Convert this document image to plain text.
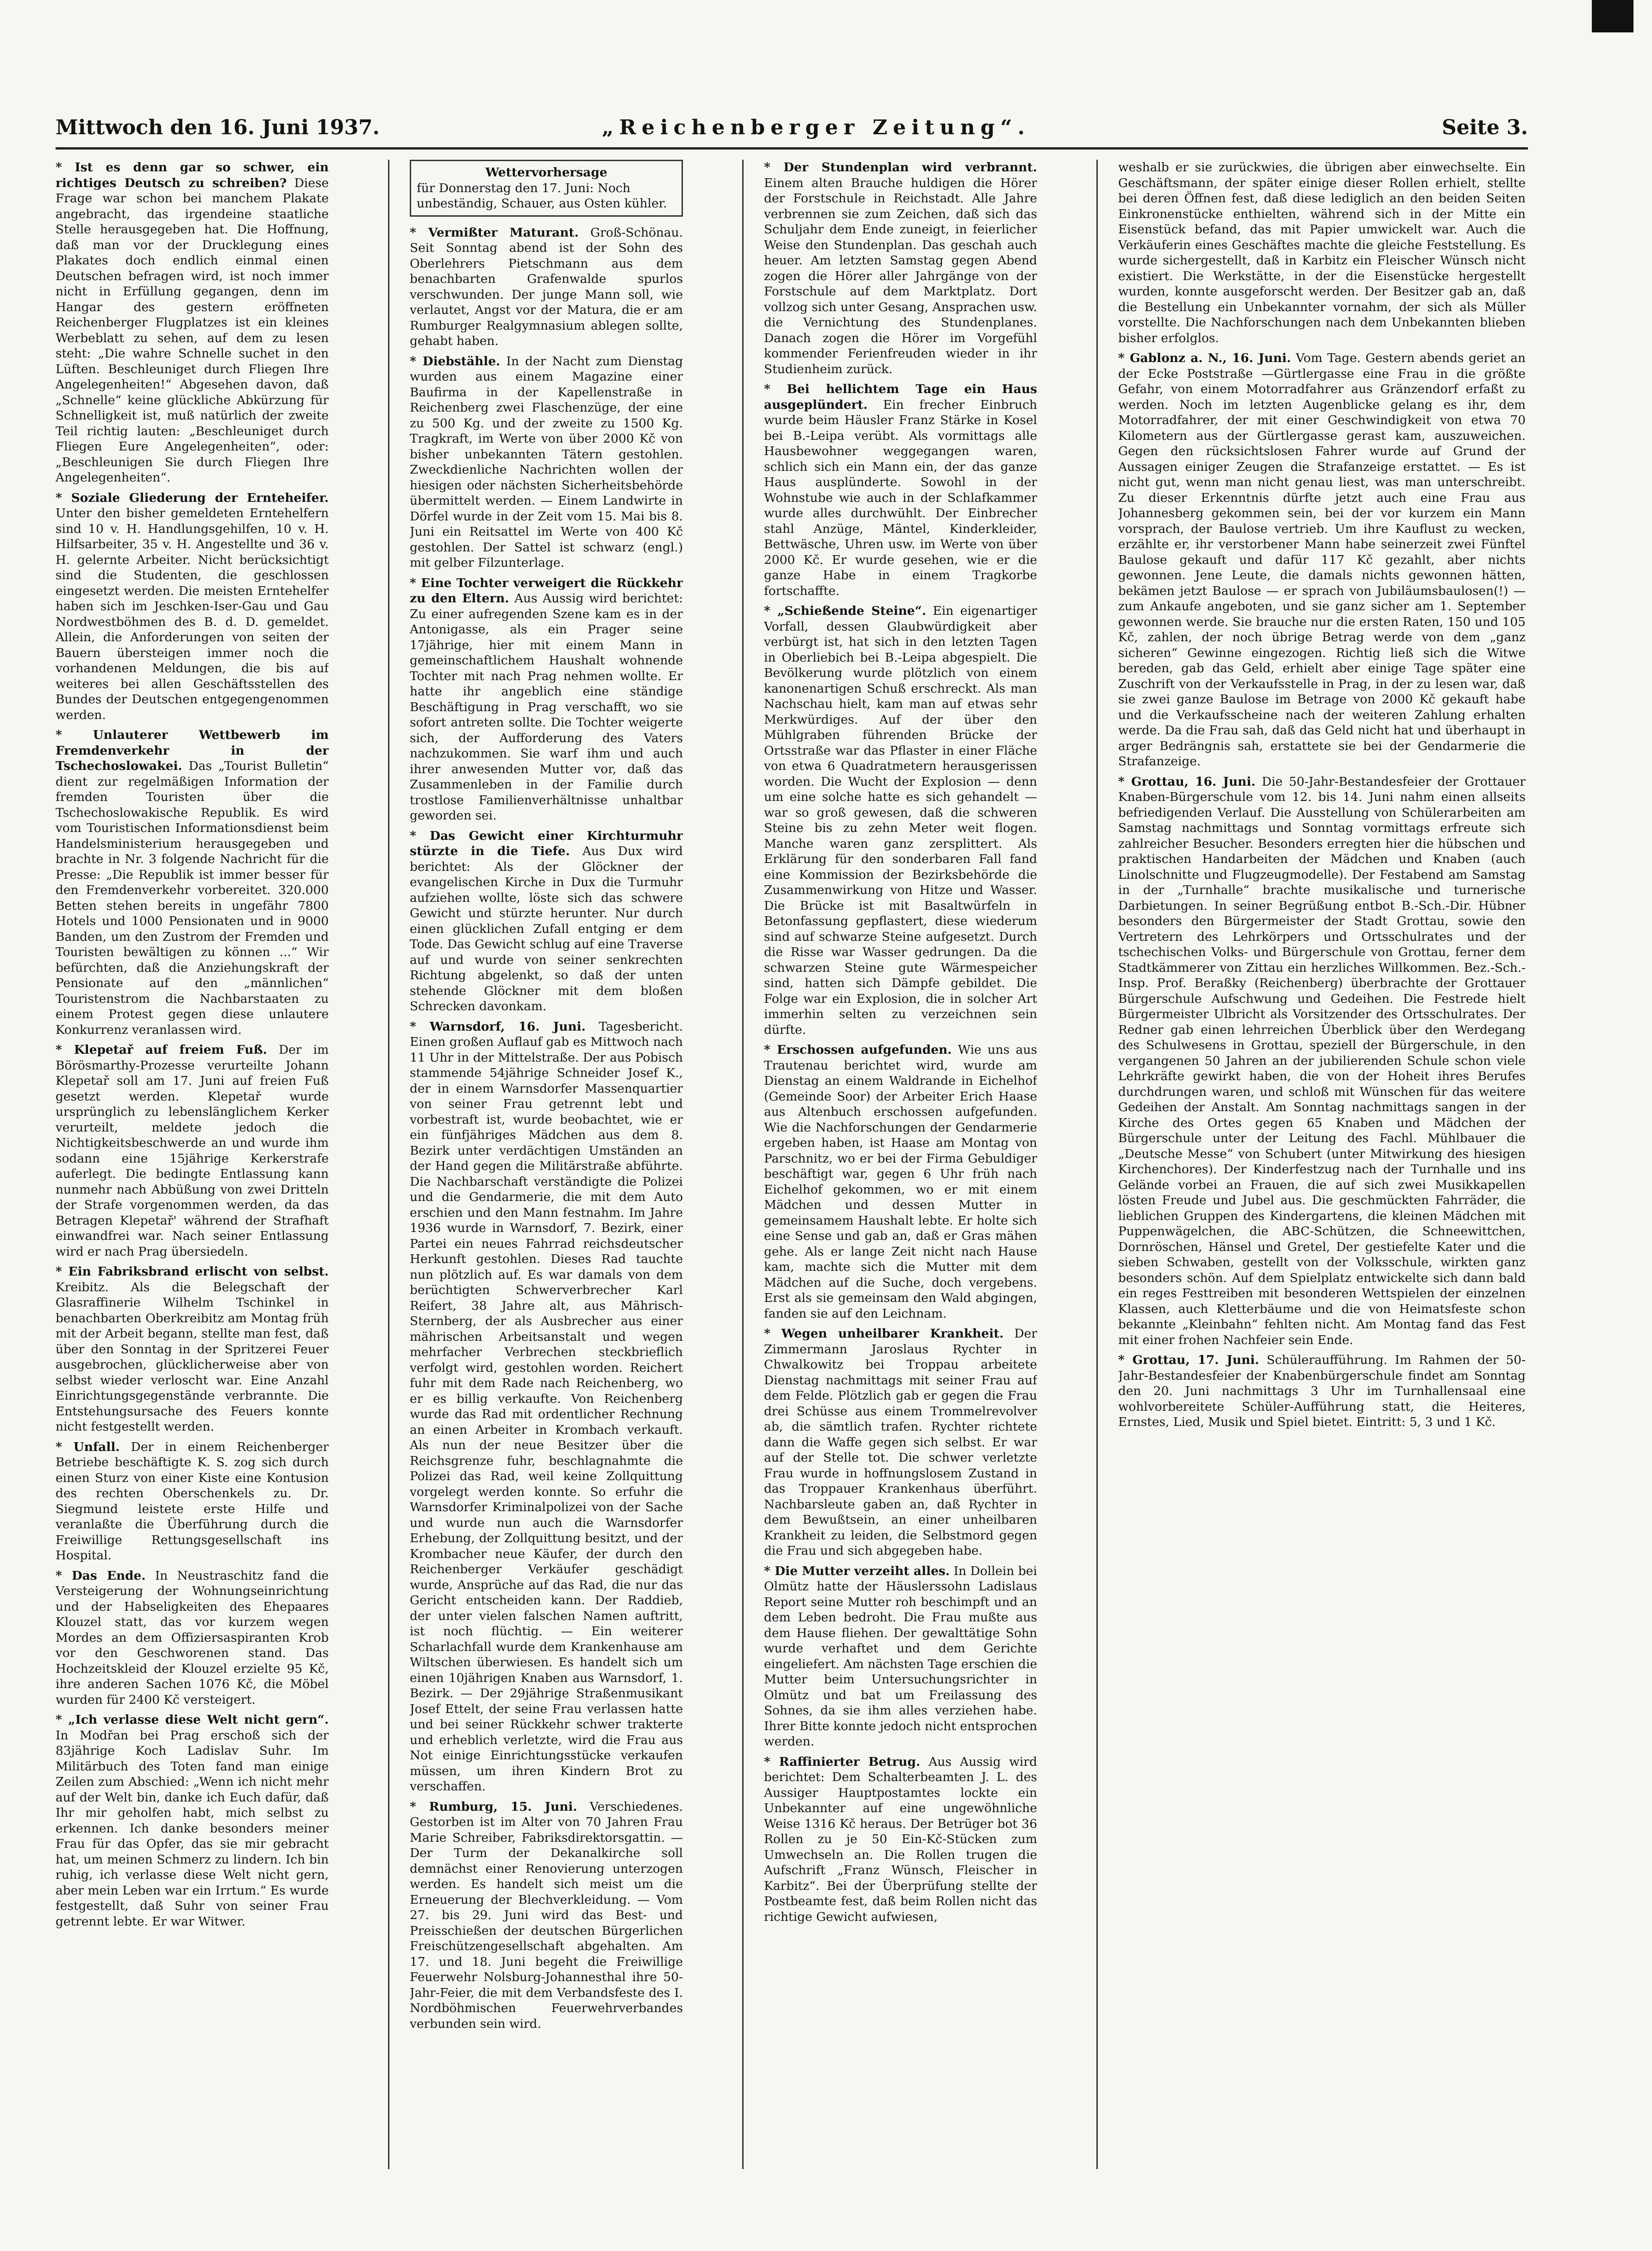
Mittwoch den 16. Juni 1937.	„Reichenberger Zeitung“.	Seite 3.

* Ist es denn gar so schwer, ein richtiges Deutsch zu schreiben? Diese Frage war schon bei manchem Plakate angebracht, das irgendeine staatliche Stelle herausgegeben hat. Die Hoffnung, daß man vor der Drucklegung eines Plakates doch endlich einmal einen Deutschen befragen wird, ist noch immer nicht in Erfüllung gegangen, denn im Hangar des gestern eröffneten Reichenberger Flugplatzes ist ein kleines Werbeblatt zu sehen, auf dem zu lesen steht: „Die wahre Schnelle suchet in den Lüften. Beschleuniget durch Fliegen Ihre Angelegenheiten!“ Abgesehen davon, daß „Schnelle“ keine glückliche Abkürzung für Schnelligkeit ist, muß natürlich der zweite Teil richtig lauten: „Beschleuniget durch Fliegen Eure Angelegenheiten“, oder: „Beschleunigen Sie durch Fliegen Ihre Angelegenheiten“.

* Soziale Gliederung der Ernteheifer. Unter den bisher gemeldeten Erntehelfern sind 10 v. H. Handlungsgehilfen, 10 v. H. Hilfsarbeiter, 35 v. H. Angestellte und 36 v. H. gelernte Arbeiter. Nicht berücksichtigt sind die Studenten, die geschlossen eingesetzt werden. Die meisten Erntehelfer haben sich im Jeschken-Iser-Gau und Gau Nordwestböhmen des B. d. D. gemeldet. Allein, die Anforderungen von seiten der Bauern übersteigen immer noch die vorhandenen Meldungen, die bis auf weiteres bei allen Geschäftsstellen des Bundes der Deutschen entgegengenommen werden.

* Unlauterer Wettbewerb im Fremdenverkehr in der Tschechoslowakei. Das „Tourist Bulletin“ dient zur regelmäßigen Information der fremden Touristen über die Tschechoslowakische Republik. Es wird vom Touristischen Informationsdienst beim Handelsministerium herausgegeben und brachte in Nr. 3 folgende Nachricht für die Presse: „Die Republik ist immer besser für den Fremdenverkehr vorbereitet. 320.000 Betten stehen bereits in ungefähr 7800 Hotels und 1000 Pensionaten und in 9000 Banden, um den Zustrom der Fremden und Touristen bewältigen zu können ...“ Wir befürchten, daß die Anziehungskraft der Pensionate auf den „männlichen“ Touristenstrom die Nachbarstaaten zu einem Protest gegen diese unlautere Konkurrenz veranlassen wird.

* Klepetař auf freiem Fuß. Der im Börösmarthy-Prozesse verurteilte Johann Klepetař soll am 17. Juni auf freien Fuß gesetzt werden. Klepetař wurde ursprünglich zu lebenslänglichem Kerker verurteilt, meldete jedoch die Nichtigkeitsbeschwerde an und wurde ihm sodann eine 15jährige Kerkerstrafe auferlegt. Die bedingte Entlassung kann nunmehr nach Abbüßung von zwei Dritteln der Strafe vorgenommen werden, da das Betragen Klepetař' während der Strafhaft einwandfrei war. Nach seiner Entlassung wird er nach Prag übersiedeln.

* Ein Fabriksbrand erlischt von selbst. Kreibitz. Als die Belegschaft der Glasraffinerie Wilhelm Tschinkel in benachbarten Oberkreibitz am Montag früh mit der Arbeit begann, stellte man fest, daß über den Sonntag in der Spritzerei Feuer ausgebrochen, glücklicherweise aber von selbst wieder verloscht war. Eine Anzahl Einrichtungsgegenstände verbrannte. Die Entstehungsursache des Feuers konnte nicht festgestellt werden.

* Unfall. Der in einem Reichenberger Betriebe beschäftigte K. S. zog sich durch einen Sturz von einer Kiste eine Kontusion des rechten Oberschenkels zu. Dr. Siegmund leistete erste Hilfe und veranlaßte die Überführung durch die Freiwillige Rettungsgesellschaft ins Hospital.

* Das Ende. In Neustraschitz fand die Versteigerung der Wohnungseinrichtung und der Habseligkeiten des Ehepaares Klouzel statt, das vor kurzem wegen Mordes an dem Offiziersaspiranten Krob vor den Geschworenen stand. Das Hochzeitskleid der Klouzel erzielte 95 Kč, ihre anderen Sachen 1076 Kč, die Möbel wurden für 2400 Kč versteigert.

* „Ich verlasse diese Welt nicht gern“. In Modřan bei Prag erschoß sich der 83jährige Koch Ladislav Suhr. Im Militärbuch des Toten fand man einige Zeilen zum Abschied: „Wenn ich nicht mehr auf der Welt bin, danke ich Euch dafür, daß Ihr mir geholfen habt, mich selbst zu erkennen. Ich danke besonders meiner Frau für das Opfer, das sie mir gebracht hat, um meinen Schmerz zu lindern. Ich bin ruhig, ich verlasse diese Welt nicht gern, aber mein Leben war ein Irrtum.“ Es wurde festgestellt, daß Suhr von seiner Frau getrennt lebte. Er war Witwer.

Wettervorhersage
für Donnerstag den 17. Juni: Noch unbeständig, Schauer, aus Osten kühler.

* Vermißter Maturant. Groß-Schönau. Seit Sonntag abend ist der Sohn des Oberlehrers Pietschmann aus dem benachbarten Grafenwalde spurlos verschwunden. Der junge Mann soll, wie verlautet, Angst vor der Matura, die er am Rumburger Realgymnasium ablegen sollte, gehabt haben.

* Diebstähle. In der Nacht zum Dienstag wurden aus einem Magazine einer Baufirma in der Kapellenstraße in Reichenberg zwei Flaschenzüge, der eine zu 500 Kg. und der zweite zu 1500 Kg. Tragkraft, im Werte von über 2000 Kč von bisher unbekannten Tätern gestohlen. Zweckdienliche Nachrichten wollen der hiesigen oder nächsten Sicherheitsbehörde übermittelt werden. — Einem Landwirte in Dörfel wurde in der Zeit vom 15. Mai bis 8. Juni ein Reitsattel im Werte von 400 Kč gestohlen. Der Sattel ist schwarz (engl.) mit gelber Filzunterlage.

* Eine Tochter verweigert die Rückkehr zu den Eltern. Aus Aussig wird berichtet: Zu einer aufregenden Szene kam es in der Antonigasse, als ein Prager seine 17jährige, hier mit einem Mann in gemeinschaftlichem Haushalt wohnende Tochter mit nach Prag nehmen wollte. Er hatte ihr angeblich eine ständige Beschäftigung in Prag verschafft, wo sie sofort antreten sollte. Die Tochter weigerte sich, der Aufforderung des Vaters nachzukommen. Sie warf ihm und auch ihrer anwesenden Mutter vor, daß das Zusammenleben in der Familie durch trostlose Familienverhältnisse unhaltbar geworden sei.

* Das Gewicht einer Kirchturmuhr stürzte in die Tiefe. Aus Dux wird berichtet: Als der Glöckner der evangelischen Kirche in Dux die Turmuhr aufziehen wollte, löste sich das schwere Gewicht und stürzte herunter. Nur durch einen glücklichen Zufall entging er dem Tode. Das Gewicht schlug auf eine Traverse auf und wurde von seiner senkrechten Richtung abgelenkt, so daß der unten stehende Glöckner mit dem bloßen Schrecken davonkam.

* Warnsdorf, 16. Juni. Tagesbericht. Einen großen Auflauf gab es Mittwoch nach 11 Uhr in der Mittelstraße. Der aus Pobisch stammende 54jährige Schneider Josef K., der in einem Warnsdorfer Massenquartier von seiner Frau getrennt lebt und vorbestraft ist, wurde beobachtet, wie er ein fünfjähriges Mädchen aus dem 8. Bezirk unter verdächtigen Umständen an der Hand gegen die Militärstraße abführte. Die Nachbarschaft verständigte die Polizei und die Gendarmerie, die mit dem Auto erschien und den Mann festnahm. Im Jahre 1936 wurde in Warnsdorf, 7. Bezirk, einer Partei ein neues Fahrrad reichsdeutscher Herkunft gestohlen. Dieses Rad tauchte nun plötzlich auf. Es war damals von dem berüchtigten Schwerverbrecher Karl Reifert, 38 Jahre alt, aus Mährisch-Sternberg, der als Ausbrecher aus einer mährischen Arbeitsanstalt und wegen mehrfacher Verbrechen steckbrieflich verfolgt wird, gestohlen worden. Reichert fuhr mit dem Rade nach Reichenberg, wo er es billig verkaufte. Von Reichenberg wurde das Rad mit ordentlicher Rechnung an einen Arbeiter in Krombach verkauft. Als nun der neue Besitzer über die Reichsgrenze fuhr, beschlagnahmte die Polizei das Rad, weil keine Zollquittung vorgelegt werden konnte. So erfuhr die Warnsdorfer Kriminalpolizei von der Sache und wurde nun auch die Warnsdorfer Erhebung, der Zollquittung besitzt, und der Krombacher neue Käufer, der durch den Reichenberger Verkäufer geschädigt wurde, Ansprüche auf das Rad, die nur das Gericht entscheiden kann. Der Raddieb, der unter vielen falschen Namen auftritt, ist noch flüchtig. — Ein weiterer Scharlachfall wurde dem Krankenhause am Wiltschen überwiesen. Es handelt sich um einen 10jährigen Knaben aus Warnsdorf, 1. Bezirk. — Der 29jährige Straßenmusikant Josef Ettelt, der seine Frau verlassen hatte und bei seiner Rückkehr schwer trakterte und erheblich verletzte, wird die Frau aus Not einige Einrichtungsstücke verkaufen müssen, um ihren Kindern Brot zu verschaffen.

* Rumburg, 15. Juni. Verschiedenes. Gestorben ist im Alter von 70 Jahren Frau Marie Schreiber, Fabriksdirektorsgattin. — Der Turm der Dekanalkirche soll demnächst einer Renovierung unterzogen werden. Es handelt sich meist um die Erneuerung der Blechverkleidung. — Vom 27. bis 29. Juni wird das Best- und Preisschießen der deutschen Bürgerlichen Freischützengesellschaft abgehalten. Am 17. und 18. Juni begeht die Freiwillige Feuerwehr Nolsburg-Johannesthal ihre 50-Jahr-Feier, die mit dem Verbandsfeste des I. Nordböhmischen Feuerwehrverbandes verbunden sein wird.

* Der Stundenplan wird verbrannt. Einem alten Brauche huldigen die Hörer der Forstschule in Reichstadt. Alle Jahre verbrennen sie zum Zeichen, daß sich das Schuljahr dem Ende zuneigt, in feierlicher Weise den Stundenplan. Das geschah auch heuer. Am letzten Samstag gegen Abend zogen die Hörer aller Jahrgänge von der Forstschule auf dem Marktplatz. Dort vollzog sich unter Gesang, Ansprachen usw. die Vernichtung des Stundenplanes. Danach zogen die Hörer im Vorgefühl kommender Ferienfreuden wieder in ihr Studienheim zurück.

* Bei hellichtem Tage ein Haus ausgeplündert. Ein frecher Einbruch wurde beim Häusler Franz Stärke in Kosel bei B.-Leipa verübt. Als vormittags alle Hausbewohner weggegangen waren, schlich sich ein Mann ein, der das ganze Haus ausplünderte. Sowohl in der Wohnstube wie auch in der Schlafkammer wurde alles durchwühlt. Der Einbrecher stahl Anzüge, Mäntel, Kinderkleider, Bettwäsche, Uhren usw. im Werte von über 2000 Kč. Er wurde gesehen, wie er die ganze Habe in einem Tragkorbe fortschaffte.

* „Schießende Steine“. Ein eigenartiger Vorfall, dessen Glaubwürdigkeit aber verbürgt ist, hat sich in den letzten Tagen in Oberliebich bei B.-Leipa abgespielt. Die Bevölkerung wurde plötzlich von einem kanonenartigen Schuß erschreckt. Als man Nachschau hielt, kam man auf etwas sehr Merkwürdiges. Auf der über den Mühlgraben führenden Brücke der Ortsstraße war das Pflaster in einer Fläche von etwa 6 Quadratmetern herausgerissen worden. Die Wucht der Explosion — denn um eine solche hatte es sich gehandelt — war so groß gewesen, daß die schweren Steine bis zu zehn Meter weit flogen. Manche waren ganz zersplittert. Als Erklärung für den sonderbaren Fall fand eine Kommission der Bezirksbehörde die Zusammenwirkung von Hitze und Wasser. Die Brücke ist mit Basaltwürfeln in Betonfassung gepflastert, diese wiederum sind auf schwarze Steine aufgesetzt. Durch die Risse war Wasser gedrungen. Da die schwarzen Steine gute Wärmespeicher sind, hatten sich Dämpfe gebildet. Die Folge war ein Explosion, die in solcher Art immerhin selten zu verzeichnen sein dürfte.

* Erschossen aufgefunden. Wie uns aus Trautenau berichtet wird, wurde am Dienstag an einem Waldrande in Eichelhof (Gemeinde Soor) der Arbeiter Erich Haase aus Altenbuch erschossen aufgefunden. Wie die Nachforschungen der Gendarmerie ergeben haben, ist Haase am Montag von Parschnitz, wo er bei der Firma Gebuldiger beschäftigt war, gegen 6 Uhr früh nach Eichelhof gekommen, wo er mit einem Mädchen und dessen Mutter in gemeinsamem Haushalt lebte. Er holte sich eine Sense und gab an, daß er Gras mähen gehe. Als er lange Zeit nicht nach Hause kam, machte sich die Mutter mit dem Mädchen auf die Suche, doch vergebens. Erst als sie gemeinsam den Wald abgingen, fanden sie auf den Leichnam.

* Wegen unheilbarer Krankheit. Der Zimmermann Jaroslaus Rychter in Chwalkowitz bei Troppau arbeitete Dienstag nachmittags mit seiner Frau auf dem Felde. Plötzlich gab er gegen die Frau drei Schüsse aus einem Trommelrevolver ab, die sämtlich trafen. Rychter richtete dann die Waffe gegen sich selbst. Er war auf der Stelle tot. Die schwer verletzte Frau wurde in hoffnungslosem Zustand in das Troppauer Krankenhaus überführt. Nachbarsleute gaben an, daß Rychter in dem Bewußtsein, an einer unheilbaren Krankheit zu leiden, die Selbstmord gegen die Frau und sich abgegeben habe.

* Die Mutter verzeiht alles. In Dollein bei Olmütz hatte der Häuslerssohn Ladislaus Report seine Mutter roh beschimpft und an dem Leben bedroht. Die Frau mußte aus dem Hause fliehen. Der gewalttätige Sohn wurde verhaftet und dem Gerichte eingeliefert. Am nächsten Tage erschien die Mutter beim Untersuchungsrichter in Olmütz und bat um Freilassung des Sohnes, da sie ihm alles verziehen habe. Ihrer Bitte konnte jedoch nicht entsprochen werden.

* Raffinierter Betrug. Aus Aussig wird berichtet: Dem Schalterbeamten J. L. des Aussiger Hauptpostamtes lockte ein Unbekannter auf eine ungewöhnliche Weise 1316 Kč heraus. Der Betrüger bot 36 Rollen zu je 50 Ein-Kč-Stücken zum Umwechseln an. Die Rollen trugen die Aufschrift „Franz Wünsch, Fleischer in Karbitz“. Bei der Überprüfung stellte der Postbeamte fest, daß beim Rollen nicht das richtige Gewicht aufwiesen,

weshalb er sie zurückwies, die übrigen aber einwechselte. Ein Geschäftsmann, der später einige dieser Rollen erhielt, stellte bei deren Öffnen fest, daß diese lediglich an den beiden Seiten Einkronenstücke enthielten, während sich in der Mitte ein Eisenstück befand, das mit Papier umwickelt war. Auch die Verkäuferin eines Geschäftes machte die gleiche Feststellung. Es wurde sichergestellt, daß in Karbitz ein Fleischer Wünsch nicht existiert. Die Werkstätte, in der die Eisenstücke hergestellt wurden, konnte ausgeforscht werden. Der Besitzer gab an, daß die Bestellung ein Unbekannter vornahm, der sich als Müller vorstellte. Die Nachforschungen nach dem Unbekannten blieben bisher erfolglos.

* Gablonz a. N., 16. Juni. Vom Tage. Gestern abends geriet an der Ecke Poststraße —Gürtlergasse eine Frau in die größte Gefahr, von einem Motorradfahrer aus Gränzendorf erfaßt zu werden. Noch im letzten Augenblicke gelang es ihr, dem Motorradfahrer, der mit einer Geschwindigkeit von etwa 70 Kilometern aus der Gürtlergasse gerast kam, auszuweichen. Gegen den rücksichtslosen Fahrer wurde auf Grund der Aussagen einiger Zeugen die Strafanzeige erstattet. — Es ist nicht gut, wenn man nicht genau liest, was man unterschreibt. Zu dieser Erkenntnis dürfte jetzt auch eine Frau aus Johannesberg gekommen sein, bei der vor kurzem ein Mann vorsprach, der Baulose vertrieb. Um ihre Kauflust zu wecken, erzählte er, ihr verstorbener Mann habe seinerzeit zwei Fünftel Baulose gekauft und dafür 117 Kč gezahlt, aber nichts gewonnen. Jene Leute, die damals nichts gewonnen hätten, bekämen jetzt Baulose — er sprach von Jubiläumsbaulosen(!) — zum Ankaufe angeboten, und sie ganz sicher am 1. September gewonnen werde. Sie brauche nur die ersten Raten, 150 und 105 Kč, zahlen, der noch übrige Betrag werde von dem „ganz sicheren“ Gewinne eingezogen. Richtig ließ sich die Witwe bereden, gab das Geld, erhielt aber einige Tage später eine Zuschrift von der Verkaufsstelle in Prag, in der zu lesen war, daß sie zwei ganze Baulose im Betrage von 2000 Kč gekauft habe und die Verkaufsscheine nach der weiteren Zahlung erhalten werde. Da die Frau sah, daß das Geld nicht hat und überhaupt in arger Bedrängnis sah, erstattete sie bei der Gendarmerie die Strafanzeige.

* Grottau, 16. Juni. Die 50-Jahr-Bestandesfeier der Grottauer Knaben-Bürgerschule vom 12. bis 14. Juni nahm einen allseits befriedigenden Verlauf. Die Ausstellung von Schülerarbeiten am Samstag nachmittags und Sonntag vormittags erfreute sich zahlreicher Besucher. Besonders erregten hier die hübschen und praktischen Handarbeiten der Mädchen und Knaben (auch Linolschnitte und Flugzeugmodelle). Der Festabend am Samstag in der „Turnhalle“ brachte musikalische und turnerische Darbietungen. In seiner Begrüßung entbot B.-Sch.-Dir. Hübner besonders den Bürgermeister der Stadt Grottau, sowie den Vertretern des Lehrkörpers und Ortsschulrates und der tschechischen Volks- und Bürgerschule von Grottau, ferner dem Stadtkämmerer von Zittau ein herzliches Willkommen. Bez.-Sch.-Insp. Prof. Beraßky (Reichenberg) überbrachte der Grottauer Bürgerschule Aufschwung und Gedeihen. Die Festrede hielt Bürgermeister Ulbricht als Vorsitzender des Ortsschulrates. Der Redner gab einen lehrreichen Überblick über den Werdegang des Schulwesens in Grottau, speziell der Bürgerschule, in den vergangenen 50 Jahren an der jubilierenden Schule schon viele Lehrkräfte gewirkt haben, die von der Hoheit ihres Berufes durchdrungen waren, und schloß mit Wünschen für das weitere Gedeihen der Anstalt. Am Sonntag nachmittags sangen in der Kirche des Ortes gegen 65 Knaben und Mädchen der Bürgerschule unter der Leitung des Fachl. Mühlbauer die „Deutsche Messe“ von Schubert (unter Mitwirkung des hiesigen Kirchenchores). Der Kinderfestzug nach der Turnhalle und ins Gelände vorbei an Frauen, die auf sich zwei Musikkapellen lösten Freude und Jubel aus. Die geschmückten Fahrräder, die lieblichen Gruppen des Kindergartens, die kleinen Mädchen mit Puppenwägelchen, die ABC-Schützen, die Schneewittchen, Dornröschen, Hänsel und Gretel, Der gestiefelte Kater und die sieben Schwaben, gestellt von der Volksschule, wirkten ganz besonders schön. Auf dem Spielplatz entwickelte sich dann bald ein reges Festtreiben mit besonderen Wettspielen der einzelnen Klassen, auch Kletterbäume und die von Heimatsfeste schon bekannte „Kleinbahn“ fehlten nicht. Am Montag fand das Fest mit einer frohen Nachfeier sein Ende.

* Grottau, 17. Juni. Schüleraufführung. Im Rahmen der 50-Jahr-Bestandesfeier der Knabenbürgerschule findet am Sonntag den 20. Juni nachmittags 3 Uhr im Turnhallensaal eine wohlvorbereitete Schüler-Aufführung statt, die Heiteres, Ernstes, Lied, Musik und Spiel bietet. Eintritt: 5, 3 und 1 Kč.
